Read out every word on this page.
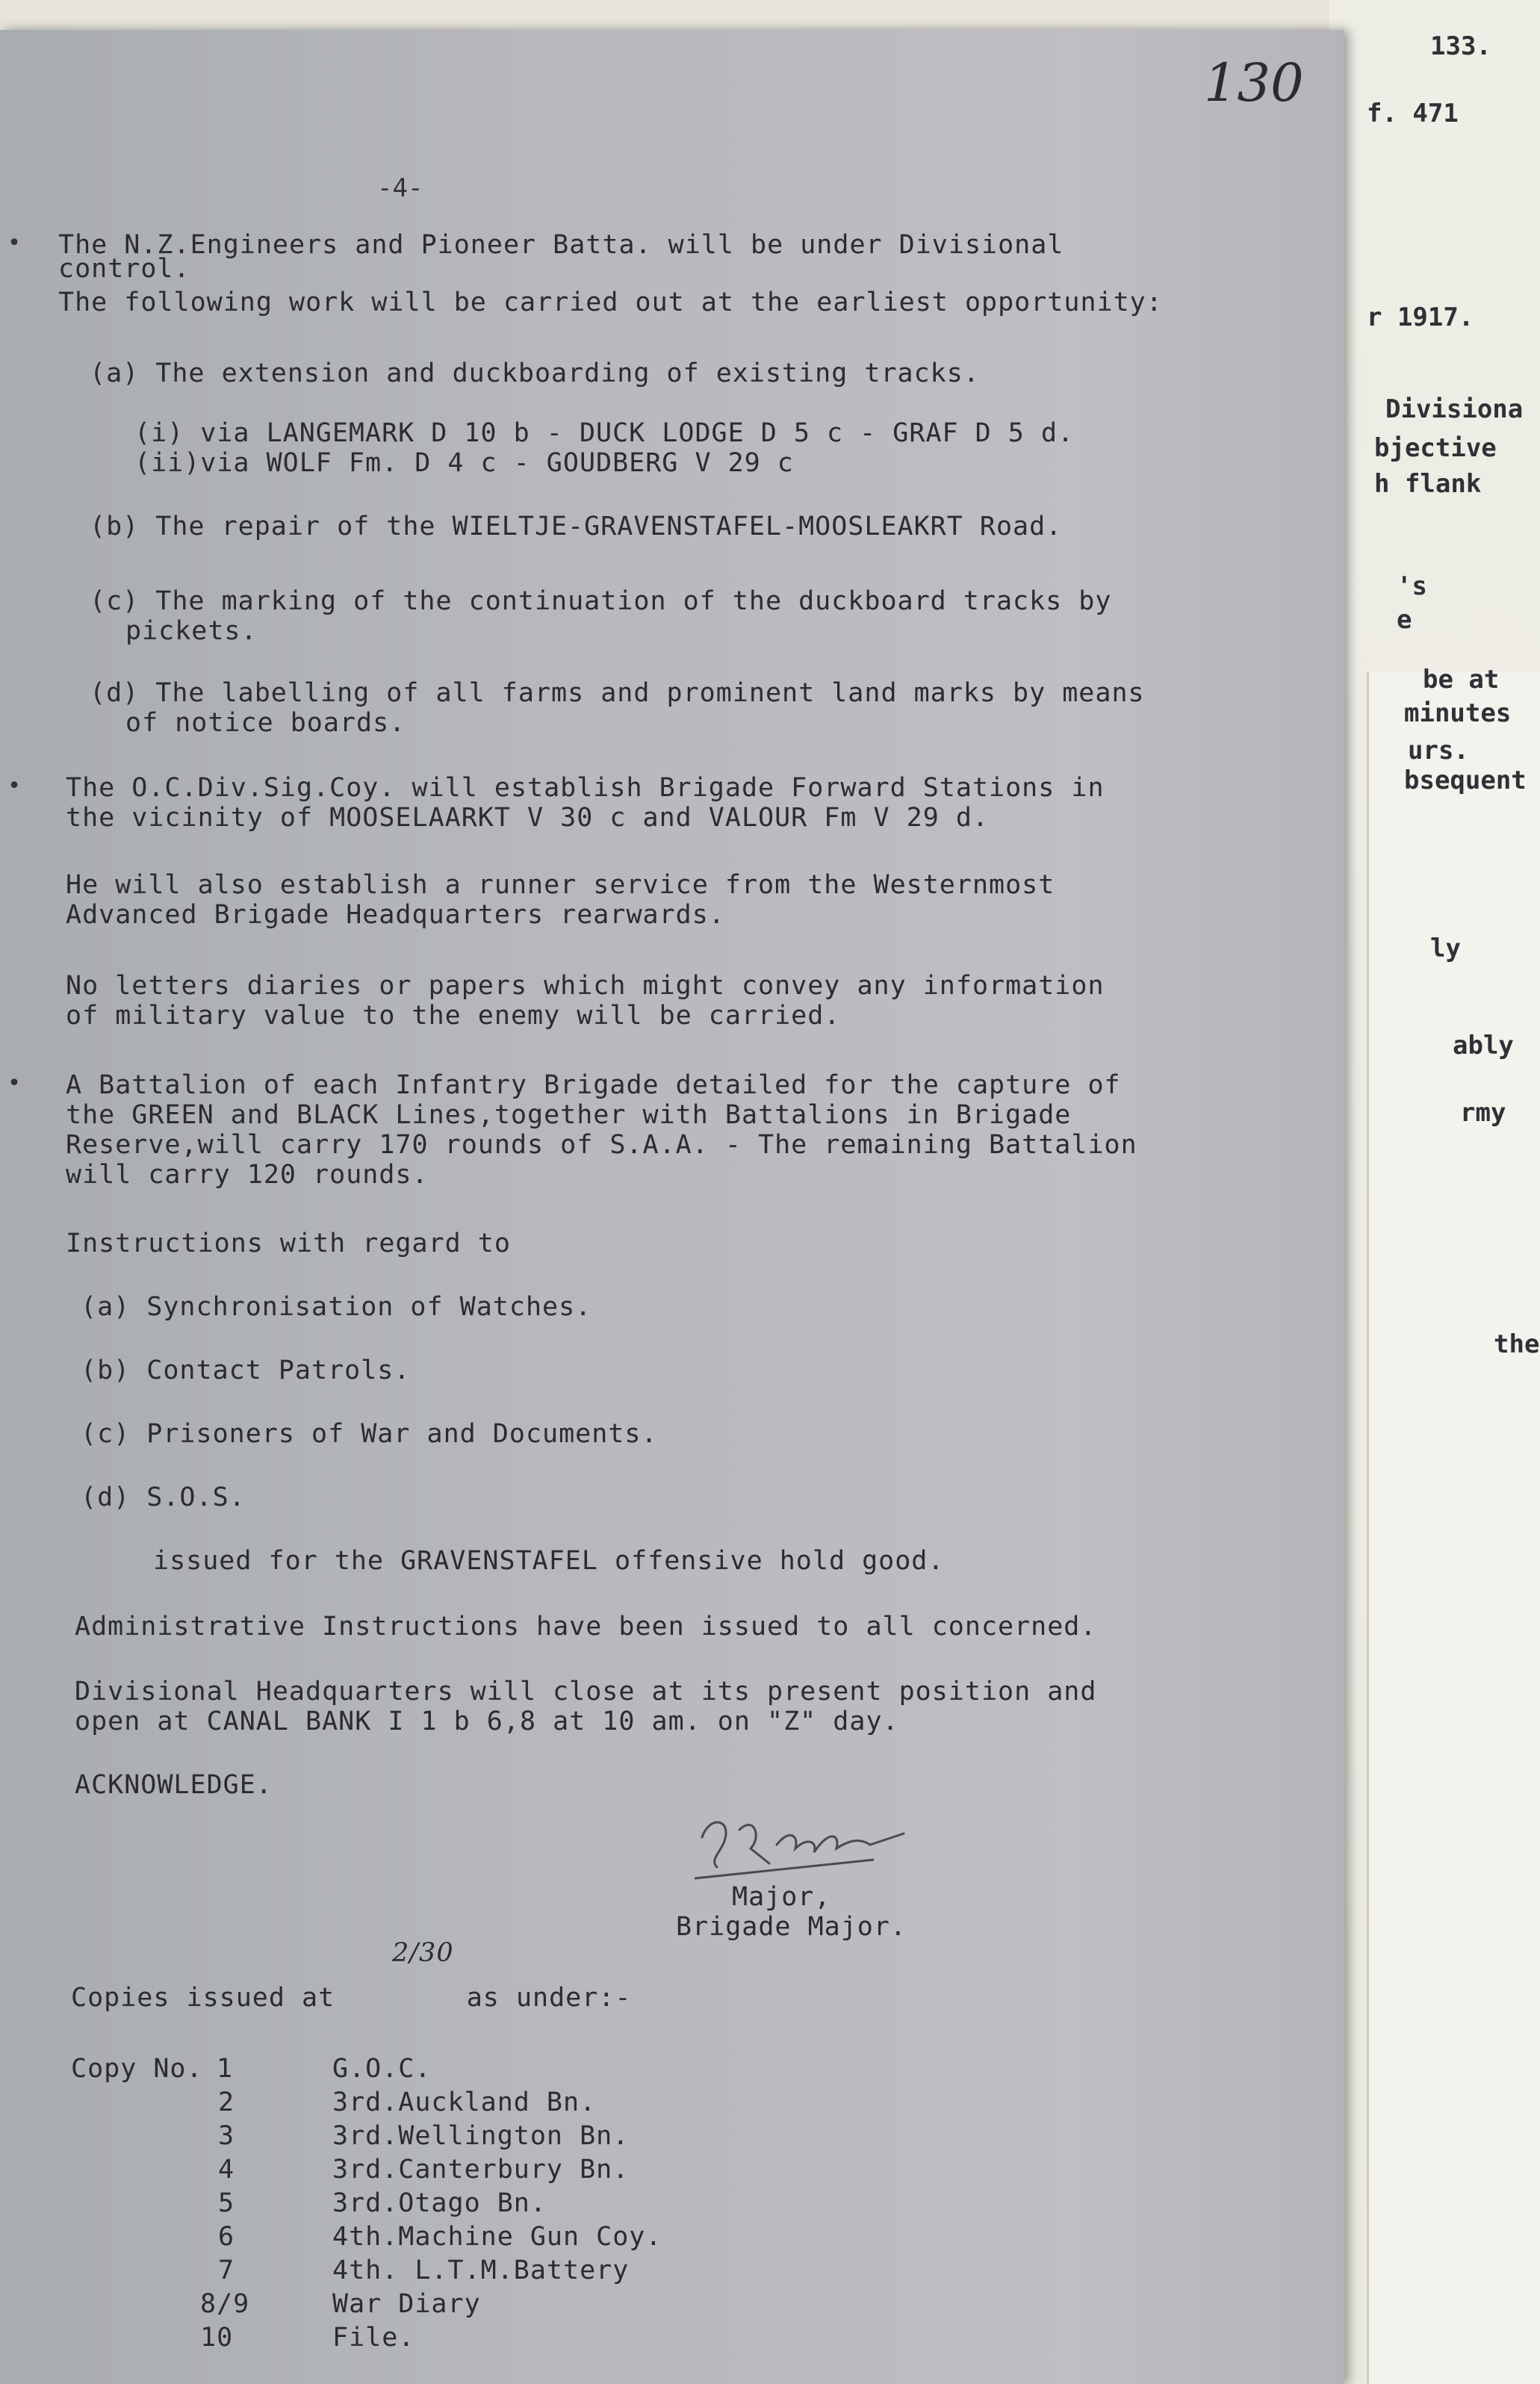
133.
f. 471
r 1917.
Divisiona
bjective
h flank
's
e
be at
minutes
urs.
bsequent
ly
ably
rmy
the
130
-4-
• The N.Z.Engineers and Pioneer Batta. will be under Divisional
control.
The following work will be carried out at the earliest opportunity:
(a) The extension and duckboarding of existing tracks.
(i) via LANGEMARK D 10 b - DUCK LODGE D 5 c - GRAF D 5 d.
(ii)via WOLF Fm. D 4 c - GOUDBERG V 29 c
(b) The repair of the WIELTJE-GRAVENSTAFEL-MOOSLEAKRT Road.
(c) The marking of the continuation of the duckboard tracks by
pickets.
(d) The labelling of all farms and prominent land marks by means
of notice boards.
• The O.C.Div.Sig.Coy. will establish Brigade Forward Stations in
the vicinity of MOOSELAARKT V 30 c and VALOUR Fm V 29 d.
He will also establish a runner service from the Westernmost
Advanced Brigade Headquarters rearwards.
No letters diaries or papers which might convey any information
of military value to the enemy will be carried.
• A Battalion of each Infantry Brigade detailed for the capture of
the GREEN and BLACK Lines,together with Battalions in Brigade
Reserve,will carry 170 rounds of S.A.A. - The remaining Battalion
will carry 120 rounds.
Instructions with regard to
(a) Synchronisation of Watches.
(b) Contact Patrols.
(c) Prisoners of War and Documents.
(d) S.O.S.
issued for the GRAVENSTAFEL offensive hold good.
Administrative Instructions have been issued to all concerned.
Divisional Headquarters will close at its present position and
open at CANAL BANK I 1 b 6,8 at 10 am. on "Z" day.
ACKNOWLEDGE.
Major,
Brigade Major.
2/30
Copies issued at        as under:-
Copy No. 1	G.O.C.
2	3rd.Auckland Bn.
3	3rd.Wellington Bn.
4	3rd.Canterbury Bn.
5	3rd.Otago Bn.
6	4th.Machine Gun Coy.
7	4th. L.T.M.Battery
8/9	War Diary
10	File.
